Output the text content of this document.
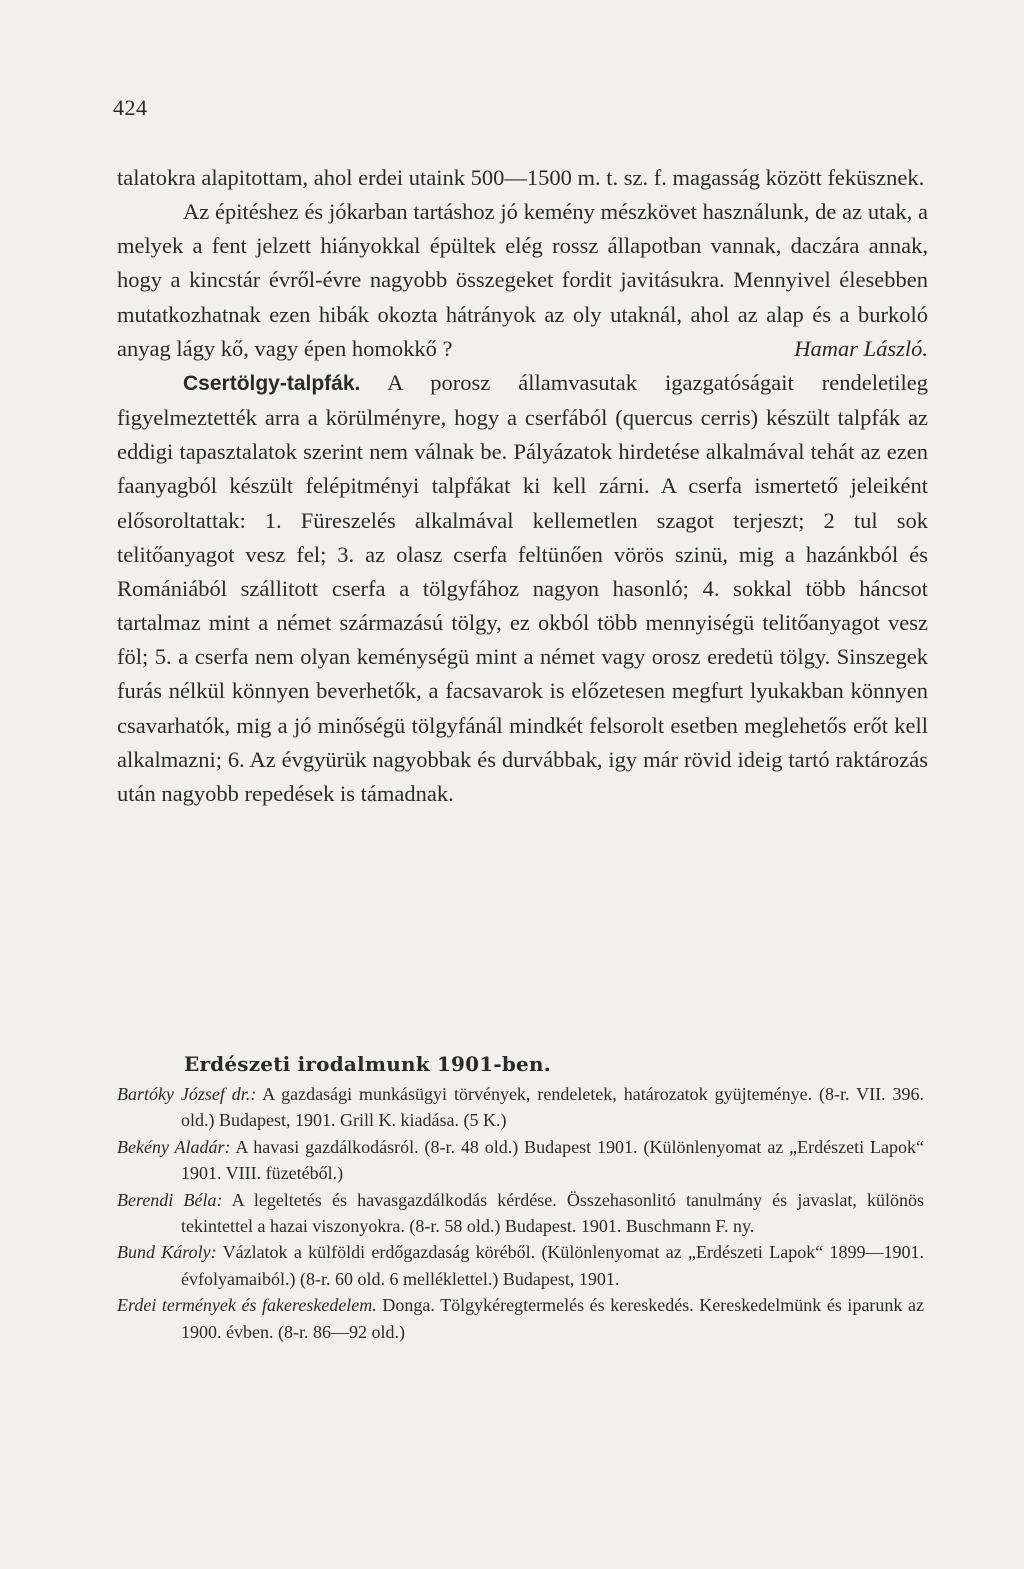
424

talatokra alapitottam, ahol erdei utaink 500—1500 m. t. sz. f. magasság között feküsznek.

Az épitéshez és jókarban tartáshoz jó kemény mészkövet használunk, de az utak, a melyek a fent jelzett hiányokkal épültek elég rossz állapotban vannak, daczára annak, hogy a kincstár évről-évre nagyobb összegeket fordit javitásukra. Mennyivel élesebben mutatkozhatnak ezen hibák okozta hátrányok az oly utaknál, ahol az alap és a burkoló anyag lágy kő, vagy épen homokkő ?	Hamar László.

Csertölgy-talpfák. A porosz államvasutak igazgatóságait rendeletileg figyelmeztették arra a körülményre, hogy a cserfából (quercus cerris) készült talpfák az eddigi tapasztalatok szerint nem válnak be. Pályázatok hirdetése alkalmával tehát az ezen faanyagból készült felépitményi talpfákat ki kell zárni. A cserfa ismertető jeleiként elősoroltattak: 1. Füreszelés alkalmával kellemetlen szagot terjeszt; 2 tul sok telitőanyagot vesz fel; 3. az olasz cserfa feltünően vörös szinü, mig a hazánkból és Romániából szállitott cserfa a tölgyfához nagyon hasonló; 4. sokkal több háncsot tartalmaz mint a német származású tölgy, ez okból több mennyiségü telitőanyagot vesz föl; 5. a cserfa nem olyan keménységü mint a német vagy orosz eredetü tölgy. Sinszegek furás nélkül könnyen beverhetők, a facsavarok is előzetesen megfurt lyukakban könnyen csavarhatók, mig a jó minőségü tölgyfánál mindkét felsorolt esetben meglehetős erőt kell alkalmazni; 6. Az évgyürük nagyobbak és durvábbak, igy már rövid ideig tartó raktározás után nagyobb repedések is támadnak.

Erdészeti irodalmunk 1901-ben.

Bartóky József dr.: A gazdasági munkásügyi törvények, rendeletek, határozatok gyüjteménye. (8-r. VII. 396. old.) Budapest, 1901. Grill K. kiadása. (5 K.)

Bekény Aladár: A havasi gazdálkodásról. (8-r. 48 old.) Budapest 1901. (Különlenyomat az „Erdészeti Lapok“ 1901. VIII. füzetéből.)

Berendi Béla: A legeltetés és havasgazdálkodás kérdése. Összehasonlitó tanulmány és javaslat, különös tekintettel a hazai viszonyokra. (8-r. 58 old.) Budapest. 1901. Buschmann F. ny.

Bund Károly: Vázlatok a külföldi erdőgazdaság köréből. (Különlenyomat az „Erdészeti Lapok“ 1899—1901. évfolyamaiból.) (8-r. 60 old. 6 melléklettel.) Budapest, 1901.

Erdei termények és fakereskedelem. Donga. Tölgykéregtermelés és kereskedés. Kereskedelmünk és iparunk az 1900. évben. (8-r. 86—92 old.)
